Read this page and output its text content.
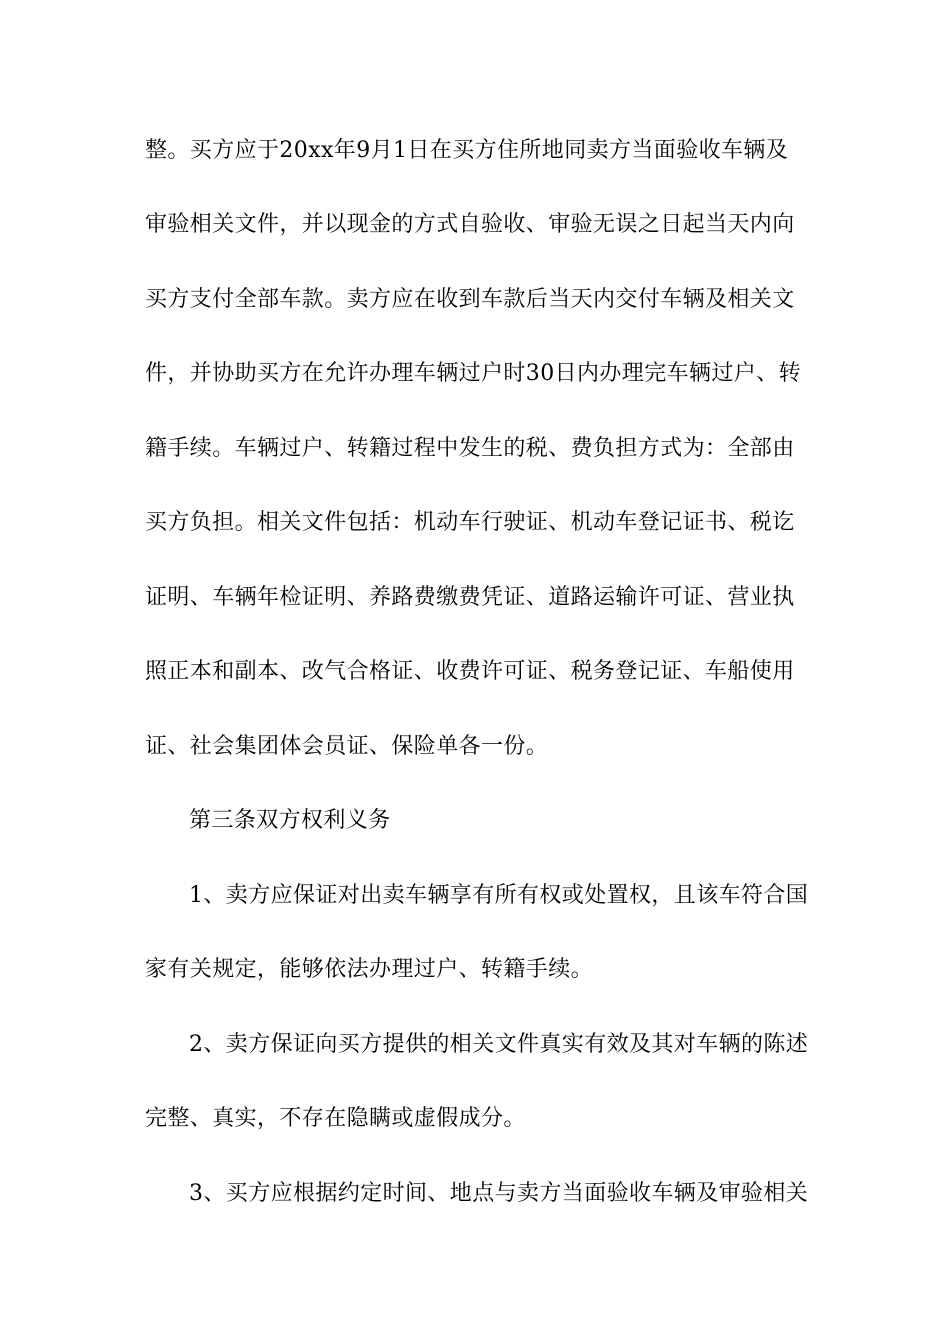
整。买方应于20xx年9月1日在买方住所地同卖方当面验收车辆及
审验相关文件，并以现金的方式自验收、审验无误之日起当天内向
买方支付全部车款。卖方应在收到车款后当天内交付车辆及相关文
件，并协助买方在允许办理车辆过户时30日内办理完车辆过户、转
籍手续。车辆过户、转籍过程中发生的税、费负担方式为：全部由
买方负担。相关文件包括：机动车行驶证、机动车登记证书、税讫
证明、车辆年检证明、养路费缴费凭证、道路运输许可证、营业执
照正本和副本、改气合格证、收费许可证、税务登记证、车船使用
证、社会集团体会员证、保险单各一份。
第三条双方权利义务
1、卖方应保证对出卖车辆享有所有权或处置权，且该车符合国
家有关规定，能够依法办理过户、转籍手续。
2、卖方保证向买方提供的相关文件真实有效及其对车辆的陈述
完整、真实，不存在隐瞒或虚假成分。
3、买方应根据约定时间、地点与卖方当面验收车辆及审验相关
